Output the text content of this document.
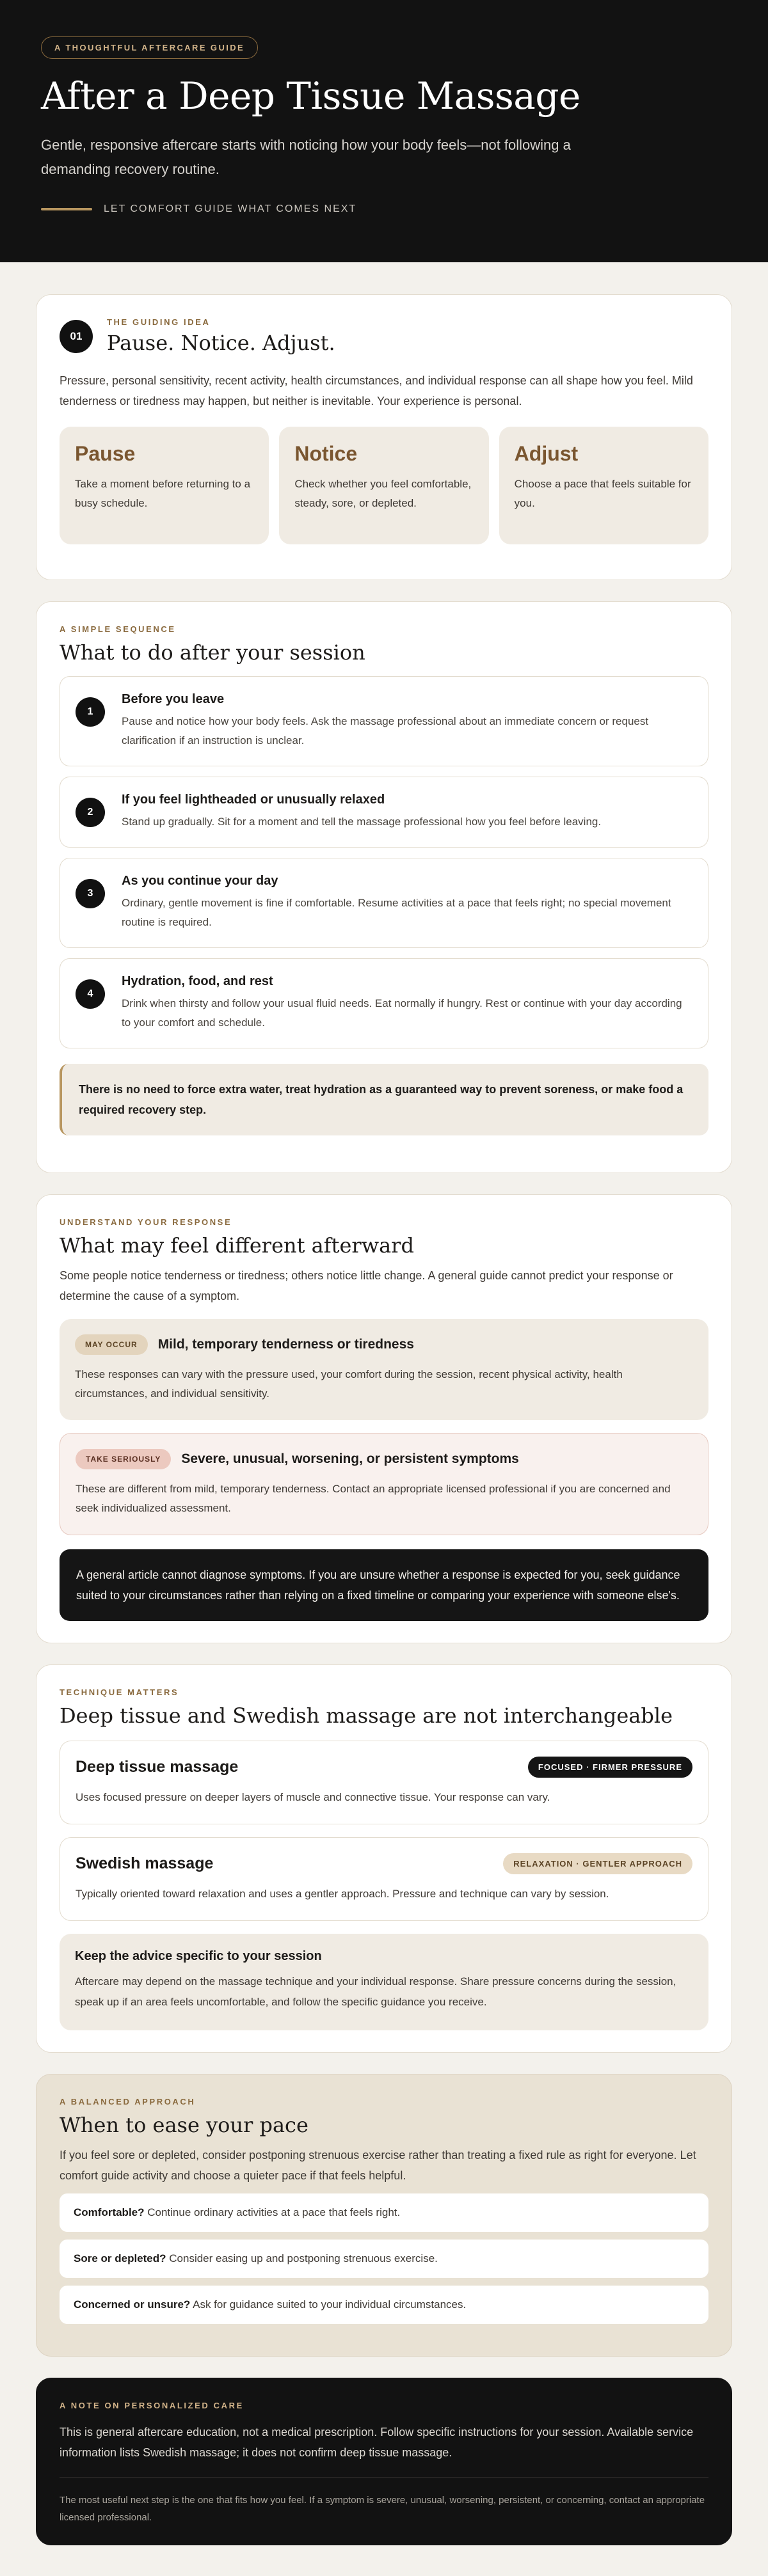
A THOUGHTFUL AFTERCARE GUIDE
After a Deep Tissue Massage

Gentle, responsive aftercare starts with noticing how your body feels—not following a demanding recovery routine.

LET COMFORT GUIDE WHAT COMES NEXT
01
THE GUIDING IDEA
Pause. Notice. Adjust.

Pressure, personal sensitivity, recent activity, health circumstances, and individual response can all shape how you feel. Mild tenderness or tiredness may happen, but neither is inevitable. Your experience is personal.

Pause
Take a moment before returning to a busy schedule.
Notice
Check whether you feel comfortable, steady, sore, or depleted.
Adjust
Choose a pace that feels suitable for you.
A SIMPLE SEQUENCE
What to do after your session
1
Before you leave
Pause and notice how your body feels. Ask the massage professional about an immediate concern or request clarification if an instruction is unclear.
2
If you feel lightheaded or unusually relaxed
Stand up gradually. Sit for a moment and tell the massage professional how you feel before leaving.
3
As you continue your day
Ordinary, gentle movement is fine if comfortable. Resume activities at a pace that feels right; no special movement routine is required.
4
Hydration, food, and rest
Drink when thirsty and follow your usual fluid needs. Eat normally if hungry. Rest or continue with your day according to your comfort and schedule.
There is no need to force extra water, treat hydration as a guaranteed way to prevent soreness, or make food a required recovery step.
UNDERSTAND YOUR RESPONSE
What may feel different afterward

Some people notice tenderness or tiredness; others notice little change. A general guide cannot predict your response or determine the cause of a symptom.

MAY OCCUR	Mild, temporary tenderness or tiredness
These responses can vary with the pressure used, your comfort during the session, recent physical activity, health circumstances, and individual sensitivity.
TAKE SERIOUSLY	Severe, unusual, worsening, or persistent symptoms
These are different from mild, temporary tenderness. Contact an appropriate licensed professional if you are concerned and seek individualized assessment.
A general article cannot diagnose symptoms. If you are unsure whether a response is expected for you, seek guidance suited to your circumstances rather than relying on a fixed timeline or comparing your experience with someone else's.
TECHNIQUE MATTERS
Deep tissue and Swedish massage are not interchangeable
Deep tissue massage	FOCUSED · FIRMER PRESSURE
Uses focused pressure on deeper layers of muscle and connective tissue. Your response can vary.
Swedish massage	RELAXATION · GENTLER APPROACH
Typically oriented toward relaxation and uses a gentler approach. Pressure and technique can vary by session.
Keep the advice specific to your session
Aftercare may depend on the massage technique and your individual response. Share pressure concerns during the session, speak up if an area feels uncomfortable, and follow the specific guidance you receive.
A BALANCED APPROACH
When to ease your pace

If you feel sore or depleted, consider postponing strenuous exercise rather than treating a fixed rule as right for everyone. Let comfort guide activity and choose a quieter pace if that feels helpful.

Comfortable? Continue ordinary activities at a pace that feels right.
Sore or depleted? Consider easing up and postponing strenuous exercise.
Concerned or unsure? Ask for guidance suited to your individual circumstances.
A NOTE ON PERSONALIZED CARE

This is general aftercare education, not a medical prescription. Follow specific instructions for your session. Available service information lists Swedish massage; it does not confirm deep tissue massage.

The most useful next step is the one that fits how you feel. If a symptom is severe, unusual, worsening, persistent, or concerning, contact an appropriate licensed professional.
